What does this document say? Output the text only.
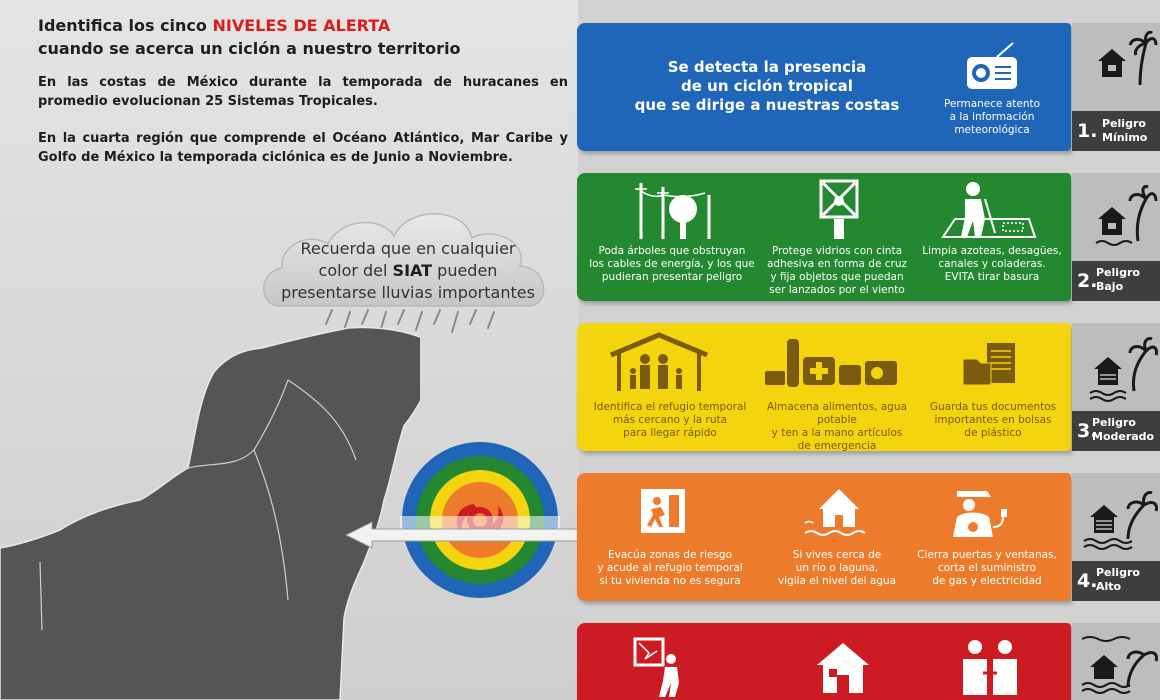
Identifica los cinco NIVELES DE ALERTA
cuando se acerca un ciclón a nuestro territorio
En las costas de México durante la temporada de huracanes en promedio evolucionan 25 Sistemas Tropicales.
En la cuarta región que comprende el Océano Atlántico, Mar Caribe y Golfo de México la temporada ciclónica es de Junio a Noviembre.
Recuerda que en cualquier
color del SIAT pueden
presentarse lluvias importantes
Se detecta la presencia
de un ciclón tropical
que se dirige a nuestras costas	Permanece atento
a la información
meteorológica
Poda árboles que obstruyan
los cables de energía, y los que
pudieran presentar peligro
Protege vidrios con cinta
adhesiva en forma de cruz
y fija objetos que puedan
ser lanzados por el viento
Limpia azoteas, desagües,
canales y coladeras.
EVITA tirar basura
Identifica el refugio temporal
más cercano y la ruta
para llegar rápido
Almacena alimentos, agua potable
y ten a la mano artículos
de emergencia
Guarda tus documentos
importantes en bolsas
de plástico
Evacúa zonas de riesgo
y acude al refugio temporal
si tu vivienda no es segura
Si vives cerca de
un río o laguna,
vigila el nivel del agua
Cierra puertas y ventanas,
corta el suministro
de gas y electricidad
1. Peligro
Mínimo
2.
Peligro
Bajo
3.
Peligro
Moderado
4.
Peligro
Alto
